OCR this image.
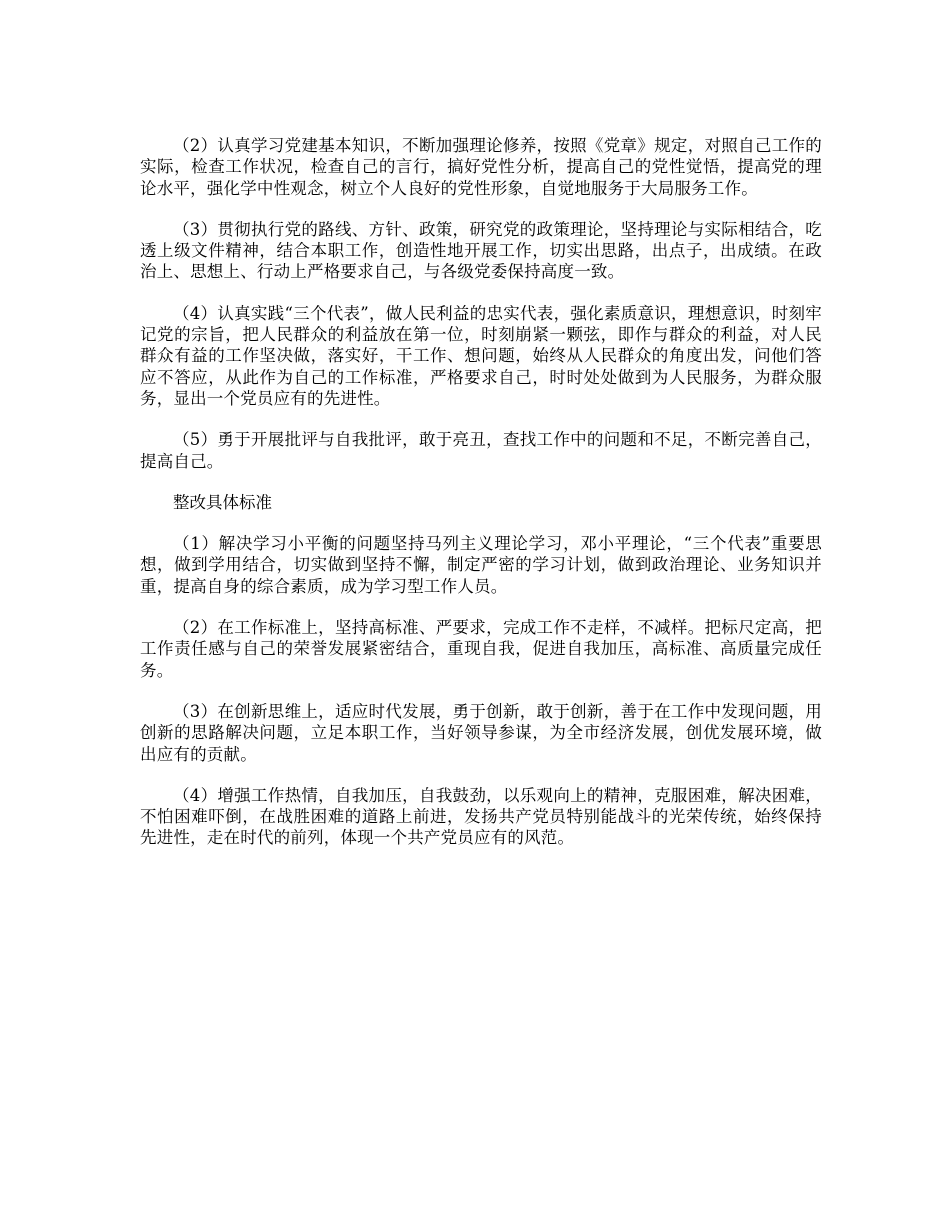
（2）认真学习党建基本知识，不断加强理论修养，按照《党章》规定，对照自己工作的实际，检查工作状况，检查自己的言行，搞好党性分析，提高自己的党性觉悟，提高党的理论水平，强化学中性观念，树立个人良好的党性形象，自觉地服务于大局服务工作。

（3）贯彻执行党的路线、方针、政策，研究党的政策理论，坚持理论与实际相结合，吃透上级文件精神，结合本职工作，创造性地开展工作，切实出思路，出点子，出成绩。在政治上、思想上、行动上严格要求自己，与各级党委保持高度一致。

（4）认真实践“三个代表”，做人民利益的忠实代表，强化素质意识，理想意识，时刻牢记党的宗旨，把人民群众的利益放在第一位，时刻崩紧一颗弦，即作与群众的利益，对人民群众有益的工作坚决做，落实好，干工作、想问题，始终从人民群众的角度出发，问他们答应不答应，从此作为自己的工作标准，严格要求自己，时时处处做到为人民服务，为群众服务，显出一个党员应有的先进性。

（5）勇于开展批评与自我批评，敢于亮丑，查找工作中的问题和不足，不断完善自己，提高自己。

整改具体标准

（1）解决学习小平衡的问题坚持马列主义理论学习，邓小平理论，“三个代表”重要思想，做到学用结合，切实做到坚持不懈，制定严密的学习计划，做到政治理论、业务知识并重，提高自身的综合素质，成为学习型工作人员。

（2）在工作标准上，坚持高标准、严要求，完成工作不走样，不减样。把标尺定高，把工作责任感与自己的荣誉发展紧密结合，重现自我，促进自我加压，高标准、高质量完成任务。

（3）在创新思维上，适应时代发展，勇于创新，敢于创新，善于在工作中发现问题，用创新的思路解决问题，立足本职工作，当好领导参谋，为全市经济发展，创优发展环境，做出应有的贡献。

（4）增强工作热情，自我加压，自我鼓劲，以乐观向上的精神，克服困难，解决困难，不怕困难吓倒，在战胜困难的道路上前进，发扬共产党员特别能战斗的光荣传统，始终保持先进性，走在时代的前列，体现一个共产党员应有的风范。
